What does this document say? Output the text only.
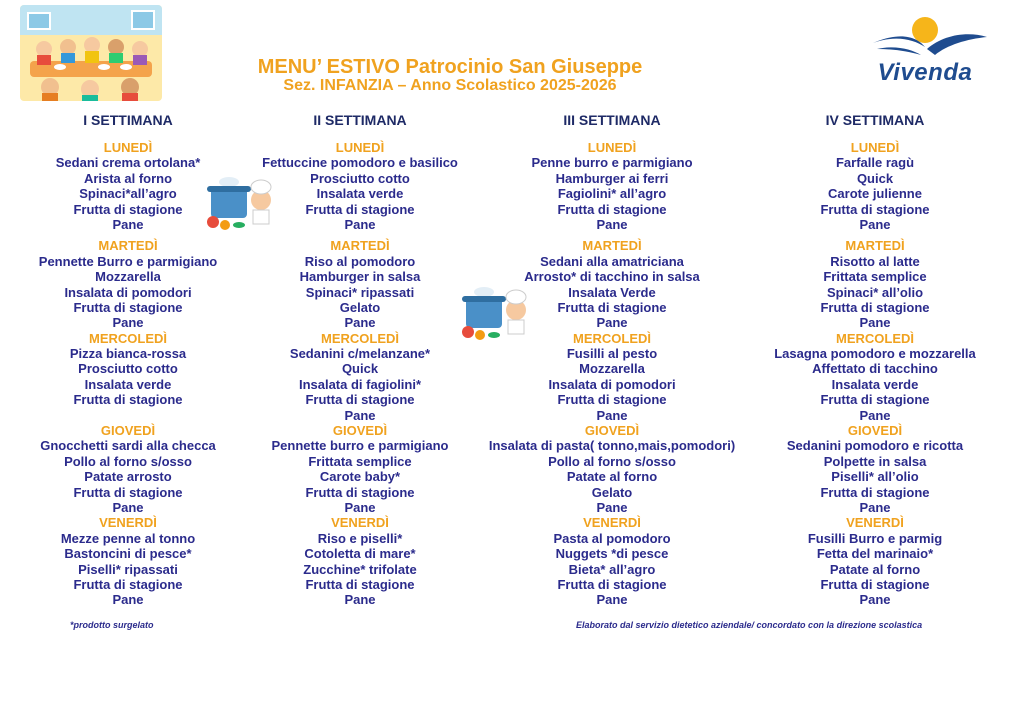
MENU’ ESTIVO Patrocinio San Giuseppe
Sez. INFANZIA – Anno Scolastico 2025-2026	Vivenda
I SETTIMANA
LUNEDÌ
Sedani crema ortolana*
Arista al forno
Spinaci*all’agro
Frutta di stagione
Pane
MARTEDÌ
Pennette Burro e parmigiano
Mozzarella
Insalata di pomodori
Frutta di stagione
Pane
MERCOLEDÌ
Pizza bianca-rossa
Prosciutto cotto
Insalata verde
Frutta di stagione
GIOVEDÌ
Gnocchetti sardi alla checca
Pollo al forno s/osso
Patate arrosto
Frutta di stagione
Pane
VENERDÌ
Mezze penne al tonno
Bastoncini di pesce*
Piselli* ripassati
Frutta di stagione
Pane
II SETTIMANA
LUNEDÌ
Fettuccine pomodoro e basilico
Prosciutto cotto
Insalata verde
Frutta di stagione
Pane
MARTEDÌ
Riso al pomodoro
Hamburger in salsa
Spinaci* ripassati
Gelato
Pane
MERCOLEDÌ
Sedanini c/melanzane*
Quick
Insalata di fagiolini*
Frutta di stagione
Pane
GIOVEDÌ
Pennette burro e parmigiano
Frittata semplice
Carote baby*
Frutta di stagione
Pane
VENERDÌ
Riso e piselli*
Cotoletta di mare*
Zucchine* trifolate
Frutta di stagione
Pane
III SETTIMANA
LUNEDÌ
Penne burro e parmigiano
Hamburger ai ferri
Fagiolini* all’agro
Frutta di stagione
Pane
MARTEDÌ
Sedani alla amatriciana
Arrosto* di tacchino in salsa
Insalata Verde
Frutta di stagione
Pane
MERCOLEDÌ
Fusilli al pesto
Mozzarella
Insalata di pomodori
Frutta di stagione
Pane
GIOVEDÌ
Insalata di pasta( tonno,mais,pomodori)
Pollo al forno s/osso
Patate al forno
Gelato
Pane
VENERDÌ
Pasta al pomodoro
Nuggets *di pesce
Bieta* all’agro
Frutta di stagione
Pane
IV SETTIMANA
LUNEDÌ
Farfalle ragù
Quick
Carote julienne
Frutta di stagione
Pane
MARTEDÌ
Risotto al latte
Frittata semplice
Spinaci* all’olio
Frutta di stagione
Pane
MERCOLEDÌ
Lasagna pomodoro e mozzarella
Affettato di tacchino
Insalata verde
Frutta di stagione
Pane
GIOVEDÌ
Sedanini pomodoro e ricotta
Polpette in salsa
Piselli* all’olio
Frutta di stagione
Pane
VENERDÌ
Fusilli Burro e parmig
Fetta del marinaio*
Patate al forno
Frutta di stagione
Pane
*prodotto surgelato	Elaborato dal servizio dietetico aziendale/ concordato con la direzione scolastica
